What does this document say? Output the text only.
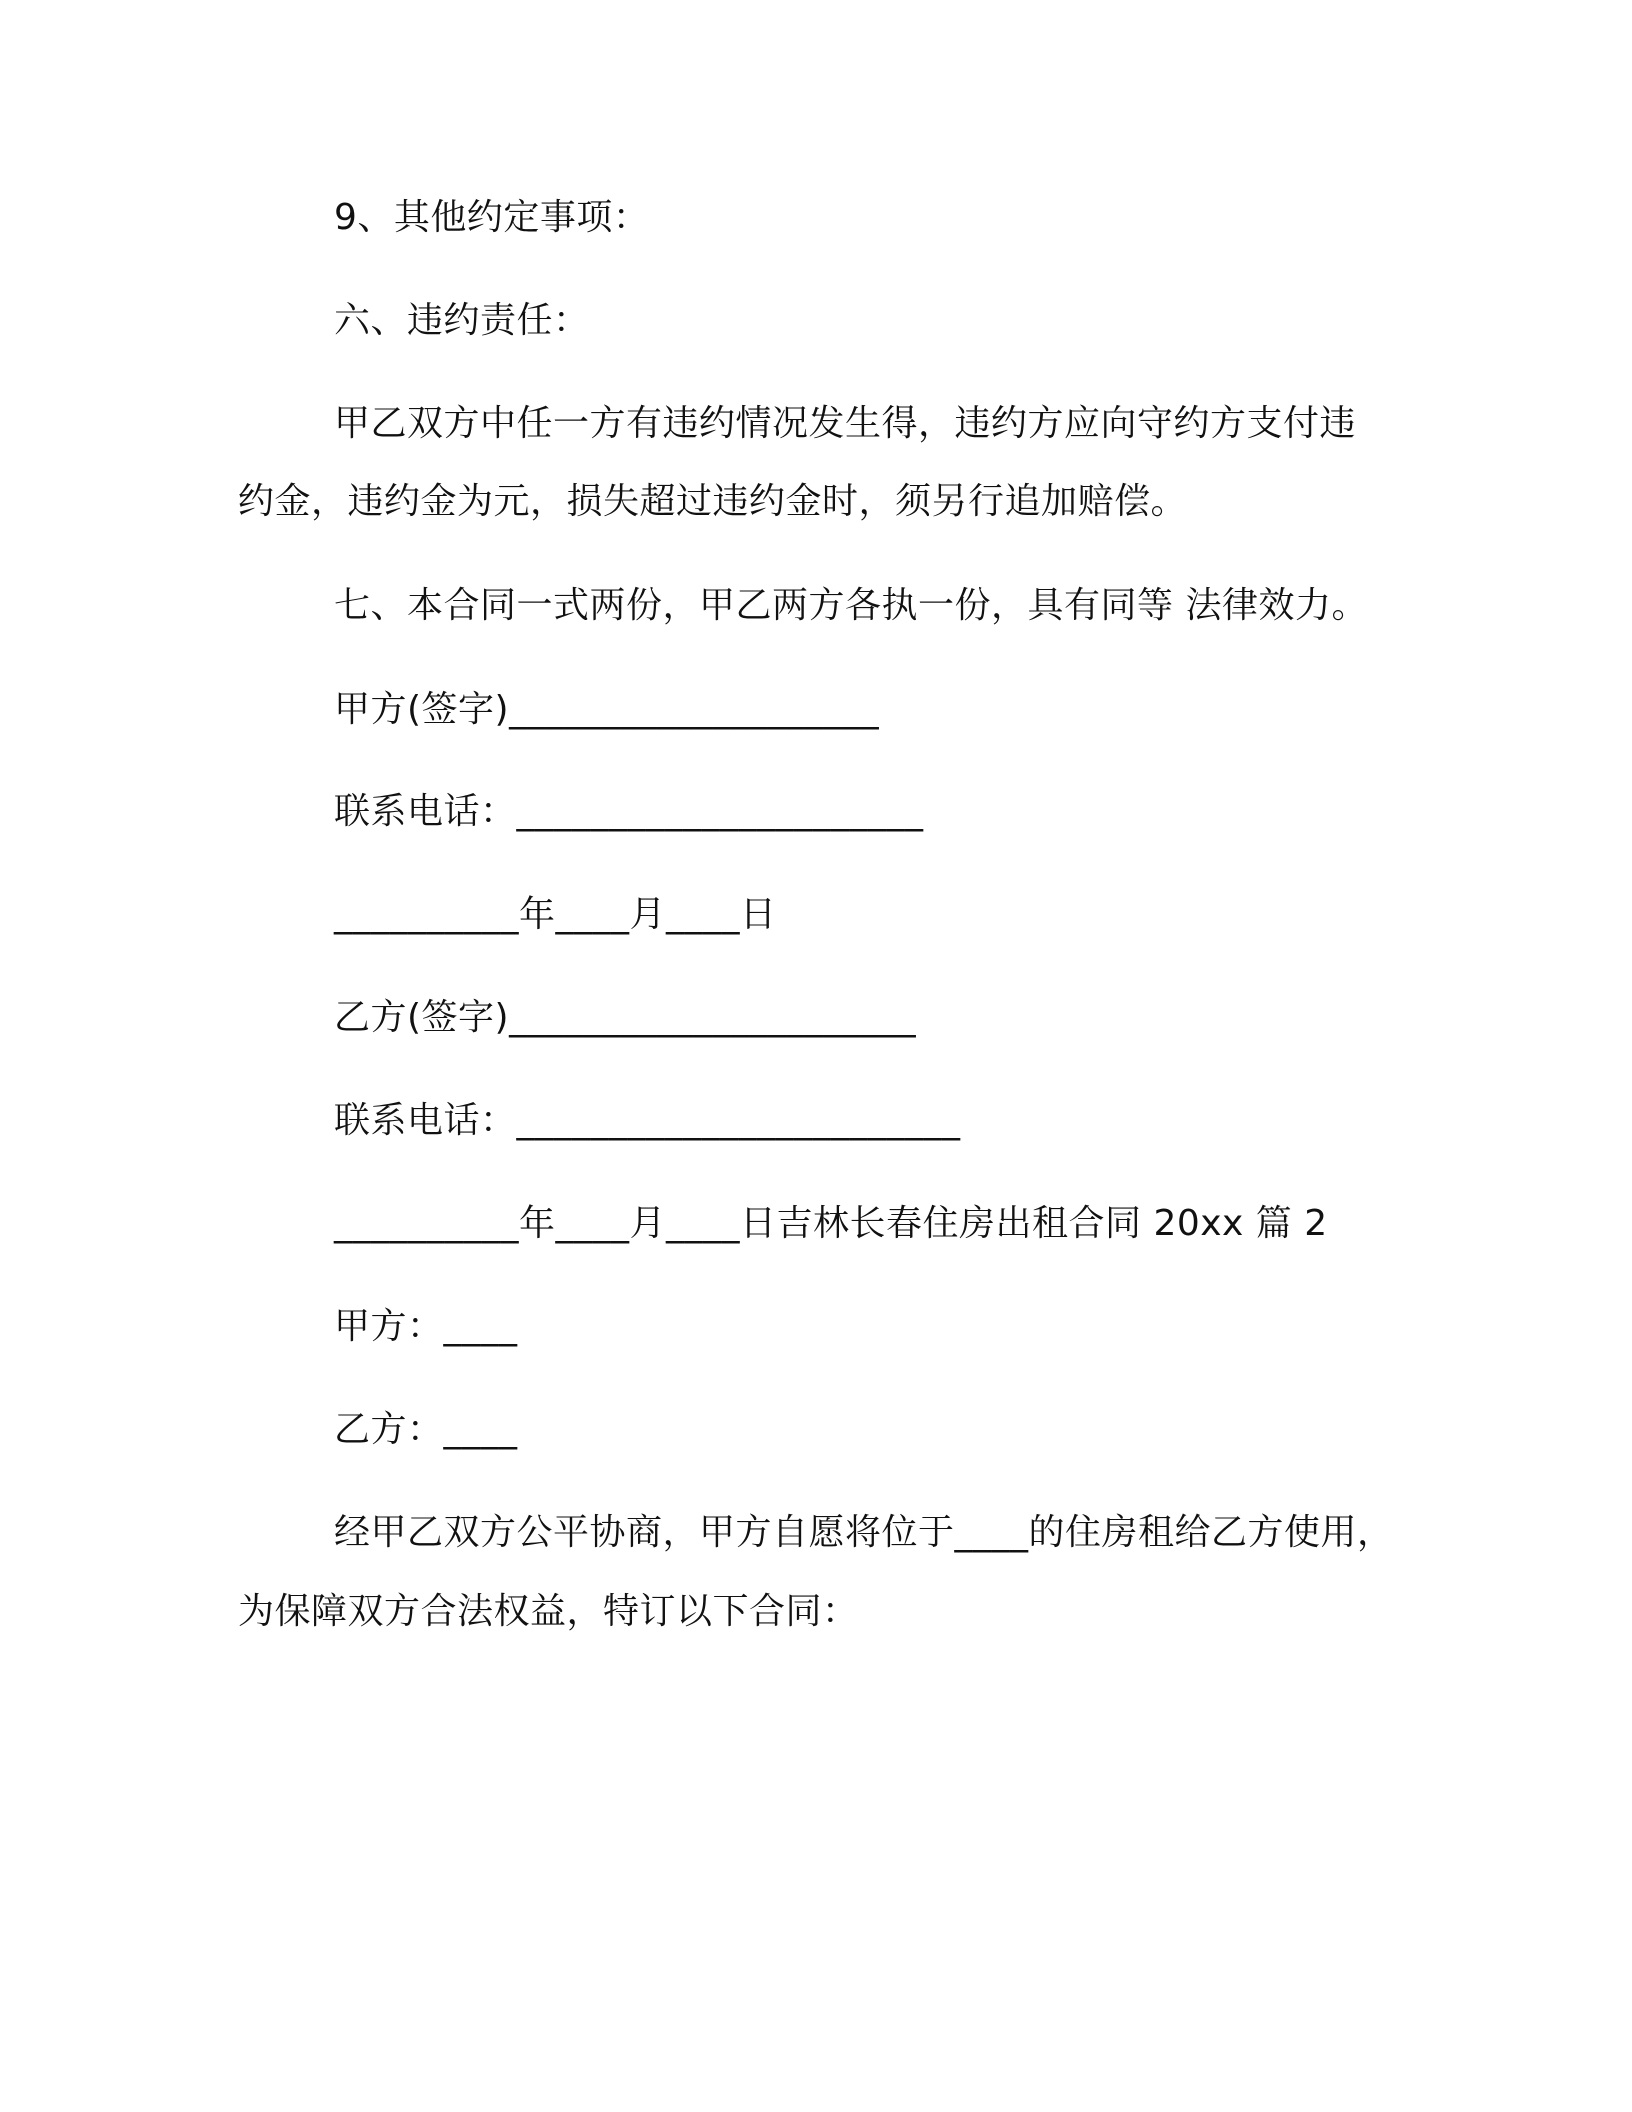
9、其他约定事项：
六、违约责任：
甲乙双方中任一方有违约情况发生得，违约方应向守约方支付违
约金，违约金为元，损失超过违约金时，须另行追加赔偿。
七、本合同一式两份，甲乙两方各执一份，具有同等 法律效力。
甲方(签字)____________________
联系电话：______________________
__________年____月____日
乙方(签字)______________________
联系电话：________________________
__________年____月____日吉林长春住房出租合同 20xx 篇 2
甲方：____
乙方：____
经甲乙双方公平协商，甲方自愿将位于____的住房租给乙方使用，
为保障双方合法权益，特订以下合同：
